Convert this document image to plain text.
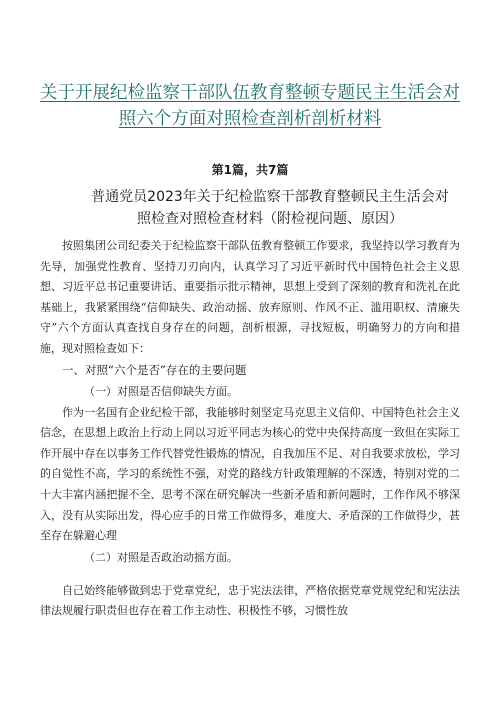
关于开展纪检监察干部队伍教育整顿专题民主生活会对照六个方面对照检查剖析剖析材料

第1篇，共7篇

普通党员2023年关于纪检监察干部教育整顿民主生活会对照检查对照检查材料（附检视问题、原因）

按照集团公司纪委关于纪检监察干部队伍教育整顿工作要求，我坚持以学习教育为先导，加强党性教育、坚持刀刃向内，认真学习了习近平新时代中国特色社会主义思想、习近平总书记重要讲话、重要指示批示精神，思想上受到了深刻的教育和洗礼在此基础上，我紧紧围绕“信仰缺失、政治动摇、放弃原则、作风不正、滥用职权、清廉失守”六个方面认真查找自身存在的问题，剖析根源，寻找短板，明确努力的方向和措施，现对照检查如下：

一、对照“六个是否”存在的主要问题

（一）对照是否信仰缺失方面。

作为一名国有企业纪检干部，我能够时刻坚定马克思主义信仰、中国特色社会主义信念，在思想上政治上行动上同以习近平同志为核心的党中央保持高度一致但在实际工作开展中存在以事务工作代替党性锻炼的情况，自我加压不足、对自我要求放松，学习的自觉性不高，学习的系统性不强，对党的路线方针政策理解的不深透，特别对党的二十大丰富内涵把握不全、思考不深在研究解决一些新矛盾和新问题时，工作作风不够深入，没有从实际出发，得心应手的日常工作做得多，难度大、矛盾深的工作做得少，甚至存在躲避心理

（二）对照是否政治动摇方面。

自己始终能够做到忠于党章党纪，忠于宪法法律，严格依据党章党规党纪和宪法法律法规履行职责但也存在着工作主动性、积极性不够，习惯性放
